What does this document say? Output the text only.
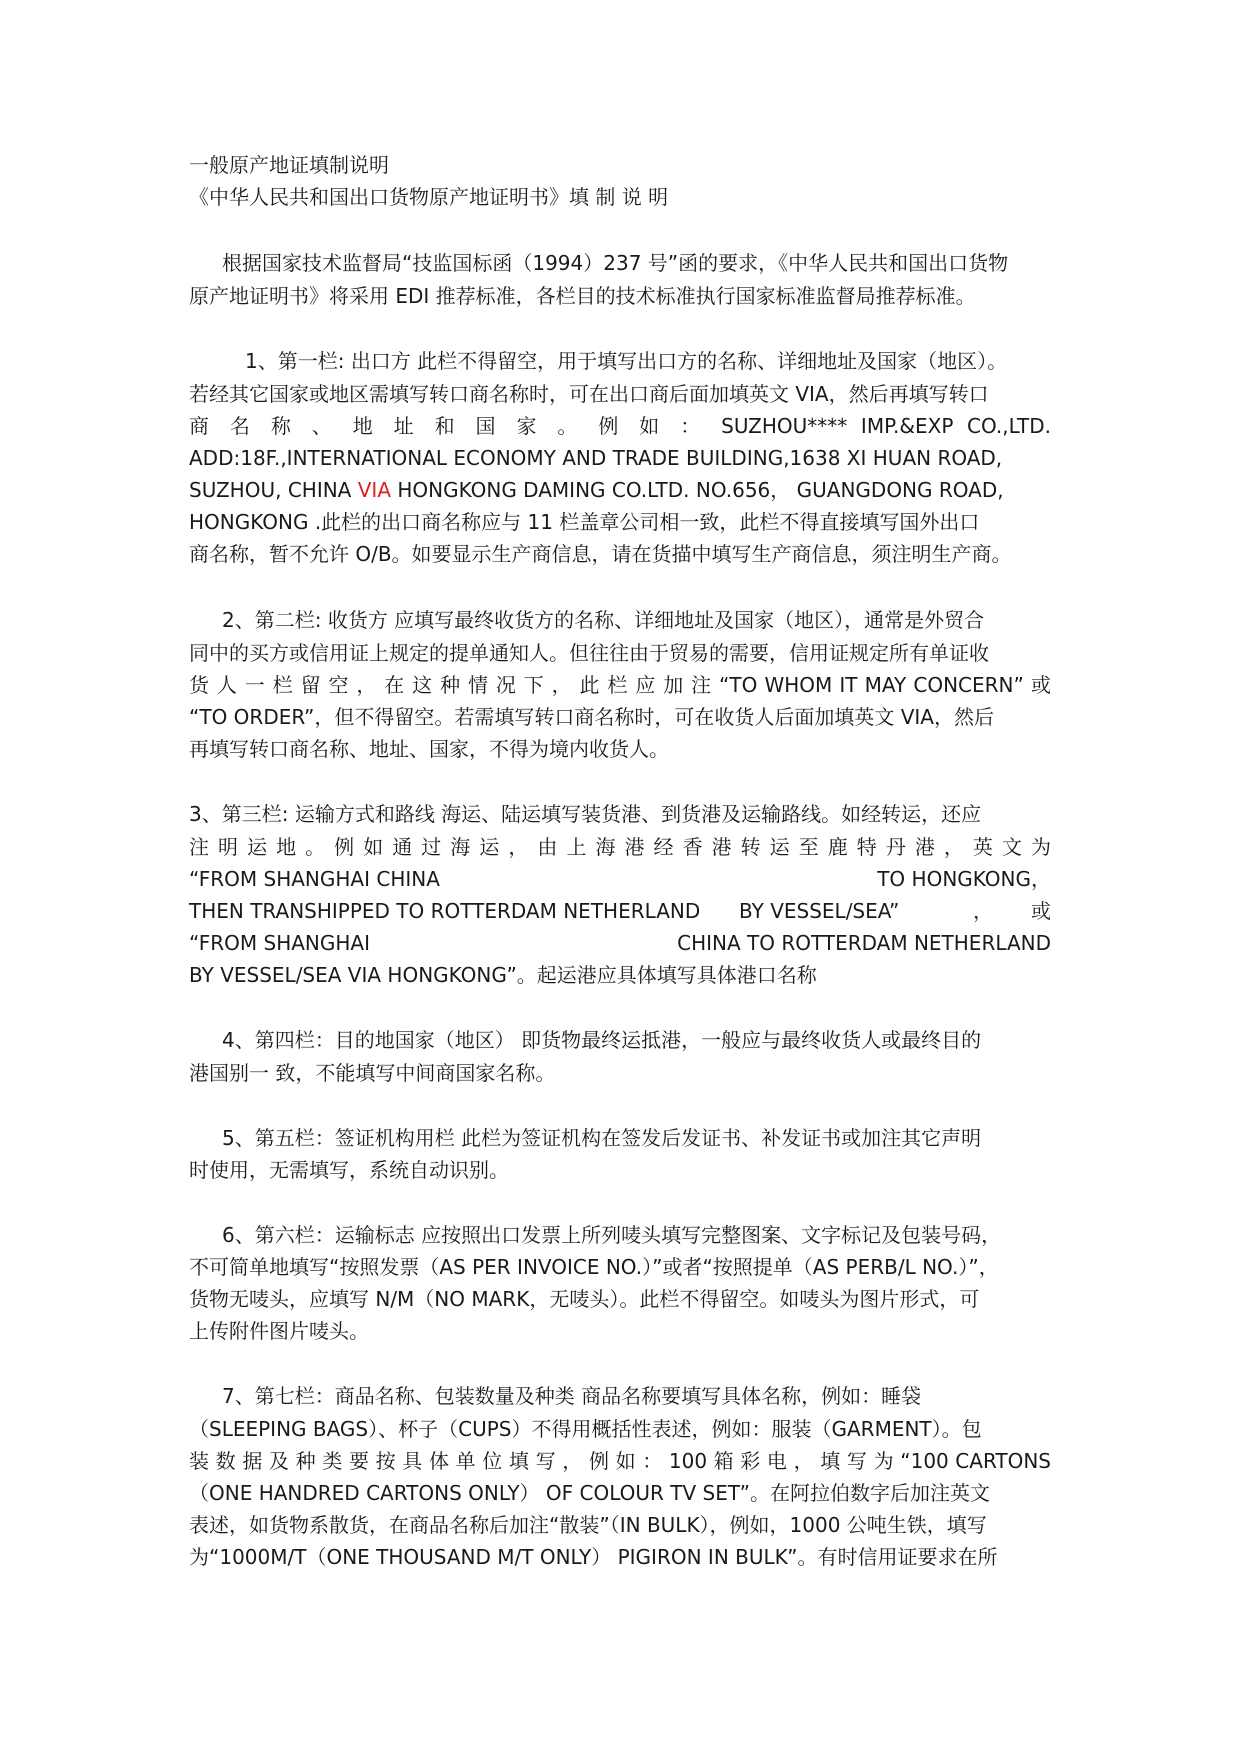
一般原产地证填制说明
《中华人民共和国出口货物原产地证明书》填 制 说 明
根据国家技术监督局“技监国标函（1994）237 号”函的要求，《中华人民共和国出口货物
原产地证明书》将采用 EDI 推荐标准，各栏目的技术标准执行国家标准监督局推荐标准。
1、第一栏: 出口方 此栏不得留空，用于填写出口方的名称、详细地址及国家（地区）。
若经其它国家或地区需填写转口商名称时，可在出口商后面加填英文 VIA，然后再填写转口
商 名 称 、 地 址 和 国 家 。 例 如 ： SUZHOU**** IMP.&EXP CO.,LTD.
ADD:18F.,INTERNATIONAL ECONOMY AND TRADE BUILDING,1638 XI HUAN ROAD,
SUZHOU, CHINA VIA HONGKONG DAMING CO.LTD. NO.656， GUANGDONG ROAD,
HONGKONG .此栏的出口商名称应与 11 栏盖章公司相一致，此栏不得直接填写国外出口
商名称，暂不允许 O/B。如要显示生产商信息，请在货描中填写生产商信息，须注明生产商。
2、第二栏: 收货方 应填写最终收货方的名称、详细地址及国家（地区），通常是外贸合
同中的买方或信用证上规定的提单通知人。但往往由于贸易的需要，信用证规定所有单证收
货 人 一 栏 留 空 ， 在 这 种 情 况 下 ， 此 栏 应 加 注 “TO WHOM IT MAY CONCERN” 或
“TO ORDER”，但不得留空。若需填写转口商名称时，可在收货人后面加填英文 VIA，然后
再填写转口商名称、地址、国家，不得为境内收货人。
3、第三栏: 运输方式和路线 海运、陆运填写装货港、到货港及运输路线。如经转运，还应
注 明 运 地 。 例 如 通 过 海 运 ， 由 上 海 港 经 香 港 转 运 至 鹿 特 丹 港 ， 英 文 为
“FROM SHANGHAI CHINA	TO HONGKONG，
THEN TRANSHIPPED TO ROTTERDAM NETHERLAND BY VESSEL/SEA”	， 或
“FROM SHANGHAI	CHINA TO ROTTERDAM NETHERLAND
BY VESSEL/SEA VIA HONGKONG”。起运港应具体填写具体港口名称
4、第四栏：目的地国家（地区） 即货物最终运抵港，一般应与最终收货人或最终目的
港国别一 致，不能填写中间商国家名称。
5、第五栏：签证机构用栏 此栏为签证机构在签发后发证书、补发证书或加注其它声明
时使用，无需填写，系统自动识别。
6、第六栏：运输标志 应按照出口发票上所列唛头填写完整图案、文字标记及包装号码，
不可简单地填写“按照发票（AS PER INVOICE NO.）”或者“按照提单（AS PERB/L NO.）”，
货物无唛头，应填写 N/M（NO MARK，无唛头）。此栏不得留空。如唛头为图片形式，可
上传附件图片唛头。
7、第七栏：商品名称、包装数量及种类 商品名称要填写具体名称，例如：睡袋
（SLEEPING BAGS）、杯子（CUPS）不得用概括性表述，例如：服装（GARMENT）。包
装 数 据 及 种 类 要 按 具 体 单 位 填 写 ， 例 如 ： 100 箱 彩 电 ， 填 写 为 “100 CARTONS
（ONE HANDRED CARTONS ONLY） OF COLOUR TV SET”。在阿拉伯数字后加注英文
表述，如货物系散货，在商品名称后加注“散装”（IN BULK），例如，1000 公吨生铁，填写
为“1000M/T（ONE THOUSAND M/T ONLY） PIGIRON IN BULK”。有时信用证要求在所
